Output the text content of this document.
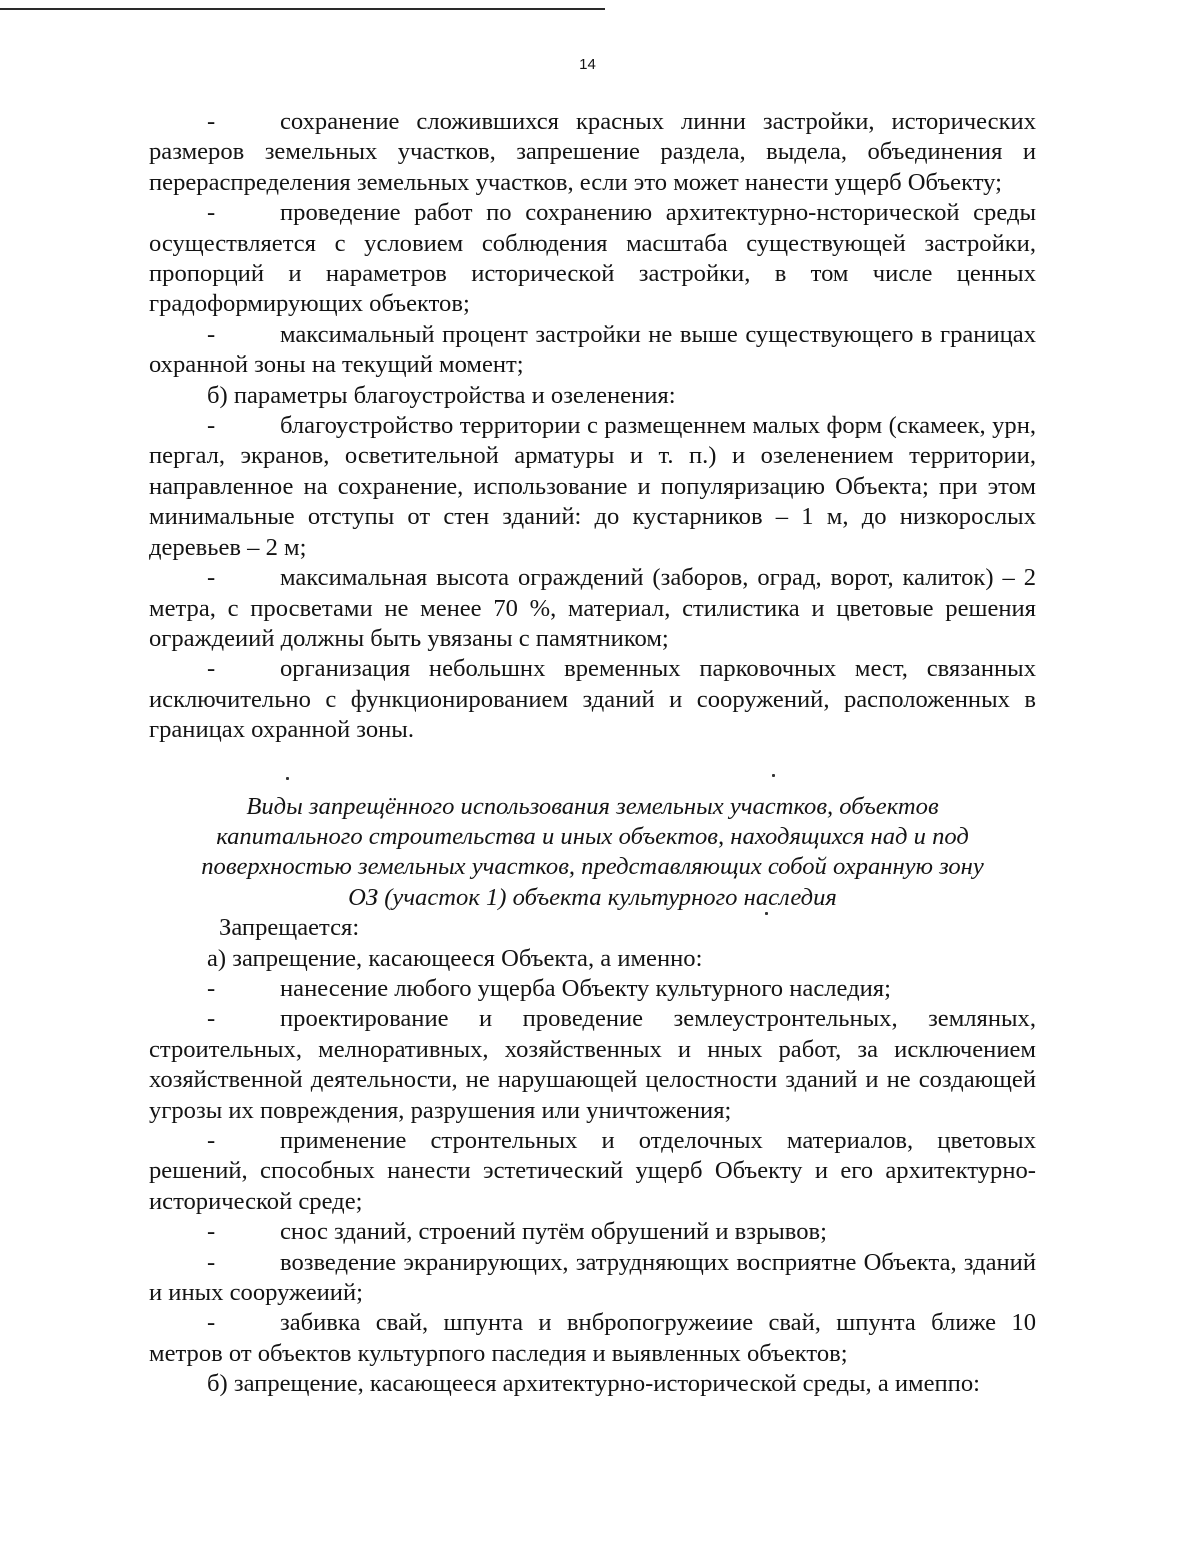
14

-	сохранение сложившихся красных линни застройки, исторических размеров земельных участков, запрешение раздела, выдела, объединения и перераспределения земельных участков, если это может нанести ущерб Объекту;

-	проведение работ по сохранению архитектурно-нсторической среды осуществляется с условием соблюдения масштаба существующей застройки, пропорций и нараметров исторической застройки, в том числе ценных градоформирующих объектов;

-	максимальный процент застройки не выше существующего в границах охранной зоны на текущий момент;

б) параметры благоустройства и озеленения:

-	благоустройство территории с размещеннем малых форм (скамеек, урн, пергал, экранов, осветительной арматуры и т. п.) и озеленением территории, направленное на сохранение, использование и популяризацию Объекта; при этом минимальные отступы от стен зданий: до кустарников – 1 м, до низкорослых деревьев – 2 м;

-	максимальная высота ограждений (заборов, оград, ворот, калиток) – 2 метра, с просветами не менее 70 %, материал, стилистика и цветовые решения ограждеиий должны быть увязаны с памятником;

-	организация небольшнх временных парковочных мест, связанных исключительно с функционированием зданий и сооружений, расположенных в границах охранной зоны.

Виды запрещённого использования земельных участков, объектов
капитального строительства и иных объектов, находящихся над и под
поверхностью земельных участков, представляющих собой охранную зону
ОЗ (участок 1) объекта культурного наследия

Запрещается:

а) запрещение, касающееся Объекта, а именно:

-	нанесение любого ущерба Объекту культурного наследия;

-	проектирование и проведение землеустронтельных, земляных, строительных, мелноративных, хозяйственных и нных работ, за исключением хозяйственной деятельности, не нарушающей целостности зданий и не создающей угрозы их повреждения, разрушения или уничтожения;

-	применение стронтельных и отделочных материалов, цветовых решений, способных нанести эстетический ущерб Объекту и его архитектурно-исторической среде;

-	снос зданий, строений путём обрушений и взрывов;

-	возведение экранирующих, затрудняющих восприятне Объекта, зданий и иных сооружеиий;

-	забивка свай, шпунта и внбропогружеиие свай, шпунта ближе 10 метров от объектов культурпого паследия и выявленных объектов;

б) запрещение, касающееся архитектурно-исторической среды, а имеппо:
